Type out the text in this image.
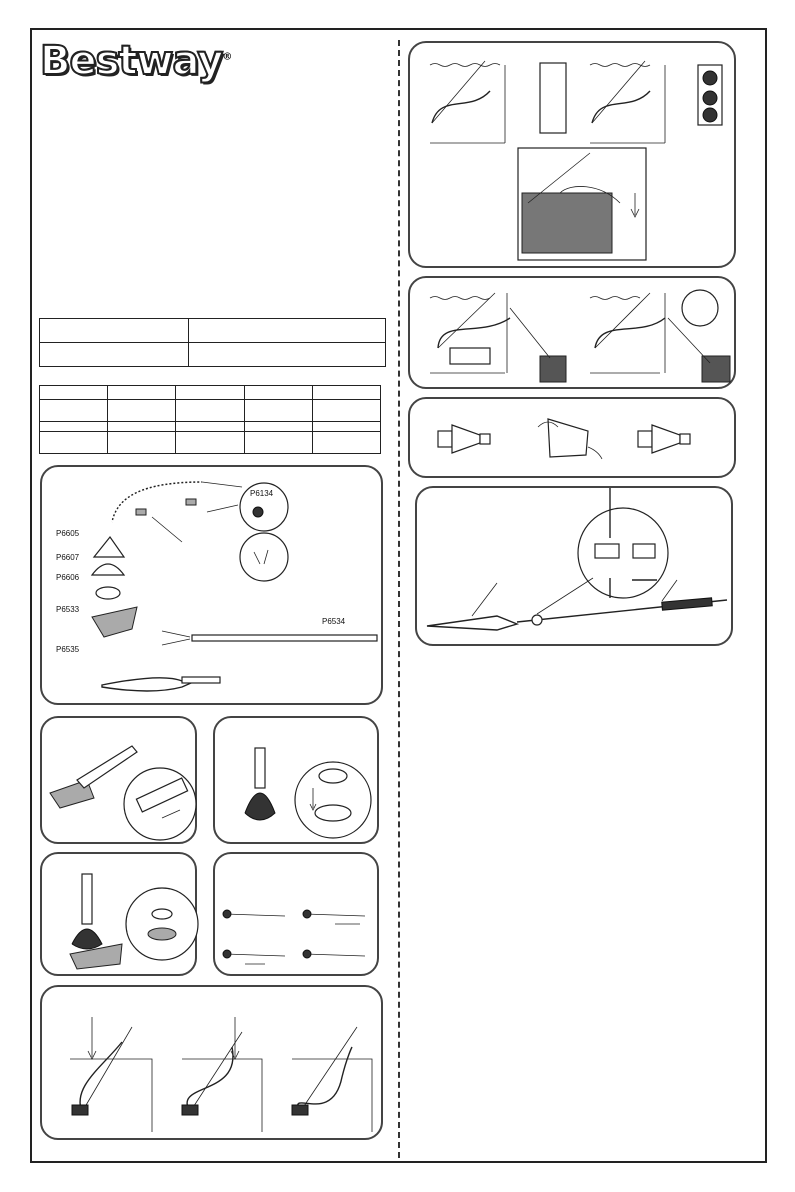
Bestway®

P6134
P6605
P6607
P6606
P6533
P6534
P6535
